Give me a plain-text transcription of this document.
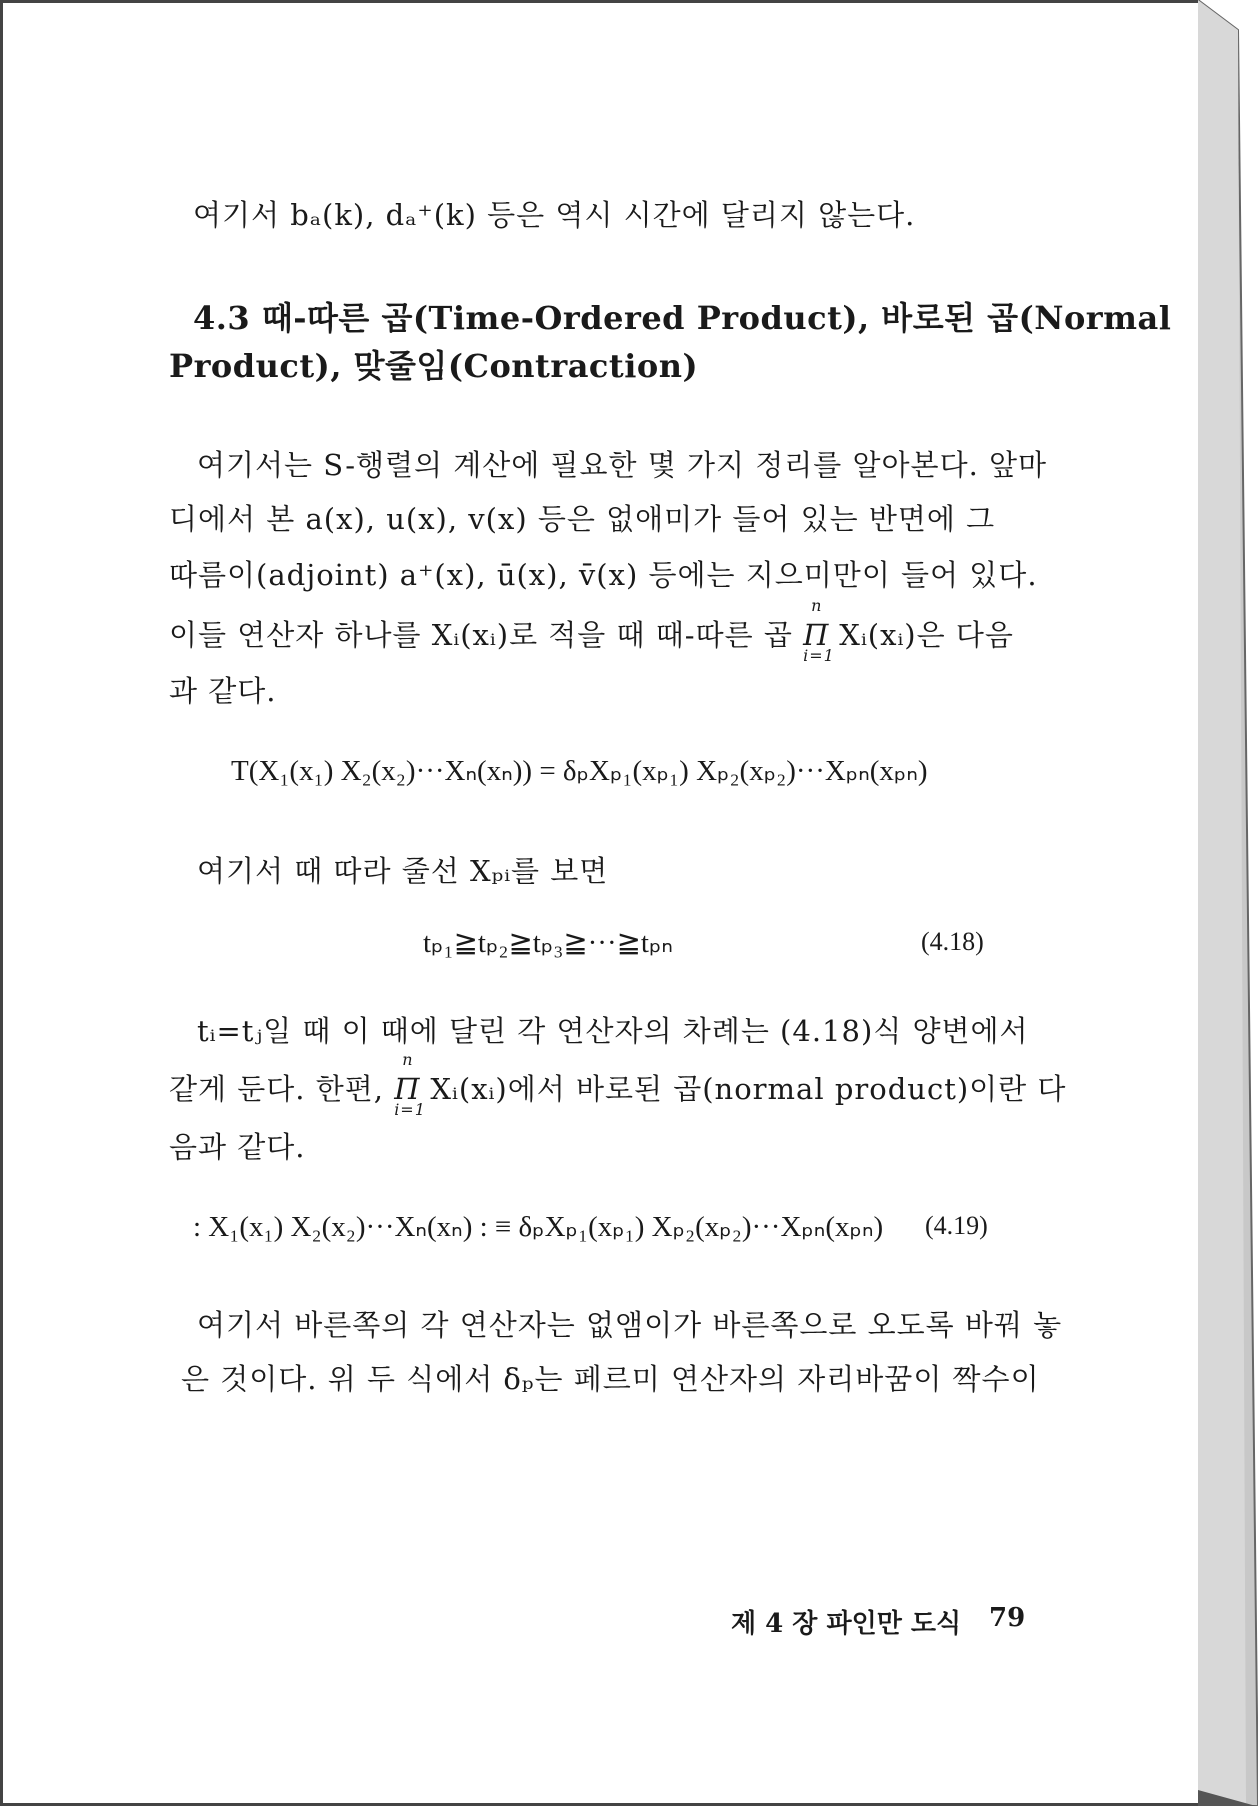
여기서 bₐ(k), dₐ⁺(k) 등은 역시 시간에 달리지 않는다.
4.3 때-따른 곱(Time-Ordered Product), 바로된 곱(Normal
Product), 맞줄임(Contraction)
여기서는 S-행렬의 계산에 필요한 몇 가지 정리를 알아본다. 앞마
디에서 본 a(x), u(x), v(x) 등은 없애미가 들어 있는 반면에 그
따름이(adjoint) a⁺(x), ū(x), v̄(x) 등에는 지으미만이 들어 있다.
과 같다.
이들 연산자 하나를 Xᵢ(xᵢ)로 적을 때 때-따른 곱
n
Π
i=1
Xᵢ(xᵢ)은 다음
T(X₁(x₁) X₂(x₂)···Xₙ(xₙ)) = δₚXₚ₁(xₚ₁) Xₚ₂(xₚ₂)···Xₚₙ(xₚₙ)
여기서 때 따라 줄선 Xₚᵢ를 보면
tₚ₁≧tₚ₂≧tₚ₃≧···≧tₚₙ	(4.18)
tᵢ=tⱼ일 때 이 때에 달린 각 연산자의 차례는 (4.18)식 양변에서
같게 둔다. 한편,
n
Π
i=1
Xᵢ(xᵢ)에서 바로된 곱(normal product)이란 다
음과 같다.
: X₁(x₁) X₂(x₂)···Xₙ(xₙ) : ≡ δₚXₚ₁(xₚ₁) Xₚ₂(xₚ₂)···Xₚₙ(xₚₙ) (4.19)
여기서 바른쪽의 각 연산자는 없앰이가 바른쪽으로 오도록 바꿔 놓
은 것이다. 위 두 식에서 δₚ는 페르미 연산자의 자리바꿈이 짝수이
제 4 장 파인만 도식 79
